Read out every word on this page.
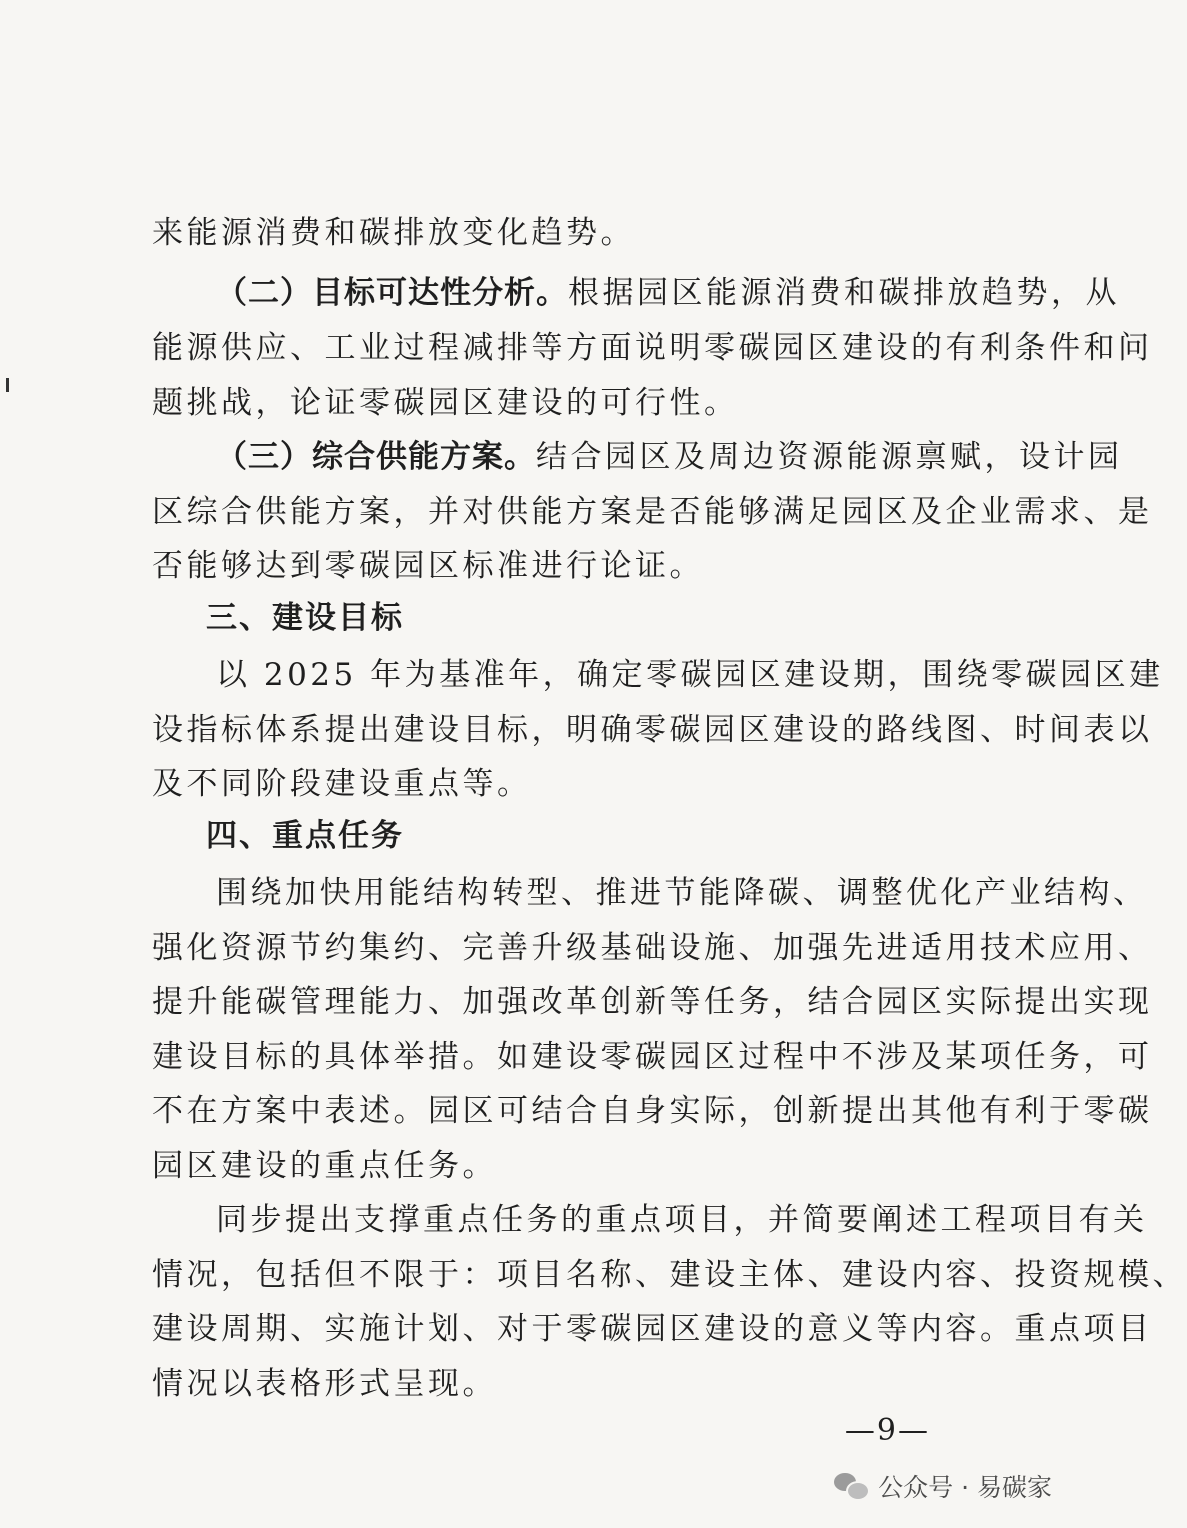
来能源消费和碳排放变化趋势。
（二）目标可达性分析。根据园区能源消费和碳排放趋势，从
能源供应、工业过程减排等方面说明零碳园区建设的有利条件和问
题挑战，论证零碳园区建设的可行性。
（三）综合供能方案。结合园区及周边资源能源禀赋，设计园
区综合供能方案，并对供能方案是否能够满足园区及企业需求、是
否能够达到零碳园区标准进行论证。
三、建设目标
以 2025 年为基准年，确定零碳园区建设期，围绕零碳园区建
设指标体系提出建设目标，明确零碳园区建设的路线图、时间表以
及不同阶段建设重点等。
四、重点任务
围绕加快用能结构转型、推进节能降碳、调整优化产业结构、
强化资源节约集约、完善升级基础设施、加强先进适用技术应用、
提升能碳管理能力、加强改革创新等任务，结合园区实际提出实现
建设目标的具体举措。如建设零碳园区过程中不涉及某项任务，可
不在方案中表述。园区可结合自身实际，创新提出其他有利于零碳
园区建设的重点任务。
同步提出支撑重点任务的重点项目，并简要阐述工程项目有关
情况，包括但不限于：项目名称、建设主体、建设内容、投资规模、
建设周期、实施计划、对于零碳园区建设的意义等内容。重点项目
情况以表格形式呈现。
—9—
公众号 · 易碳家
